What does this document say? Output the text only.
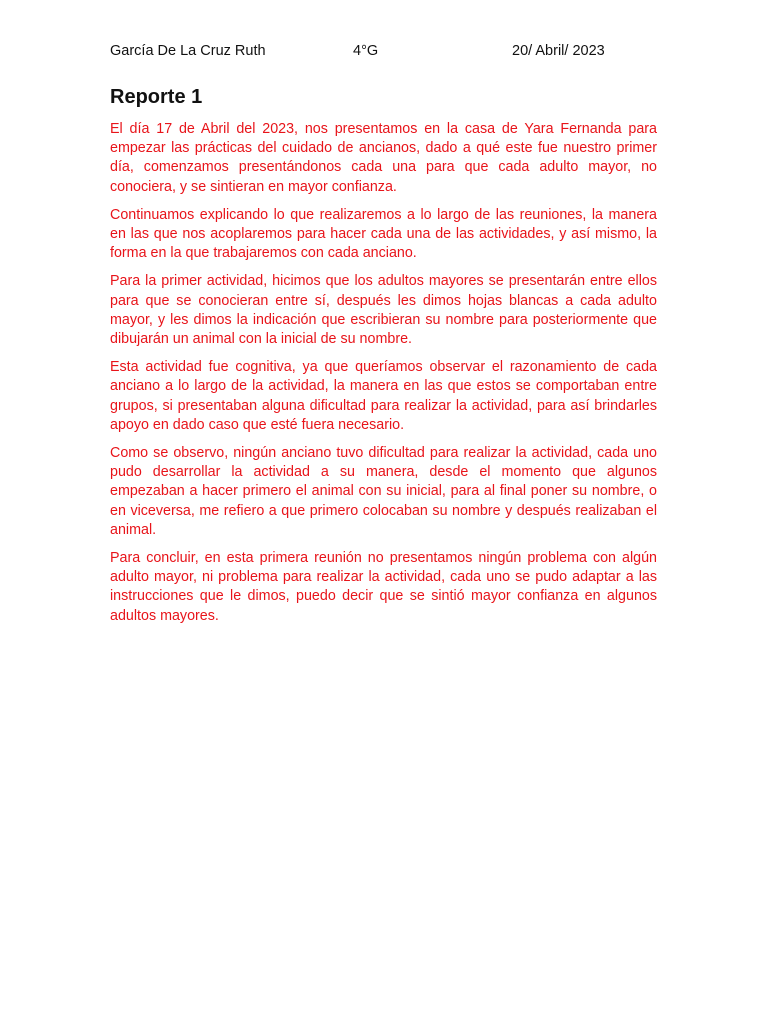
García De La Cruz Ruth	4°G	20/ Abril/ 2023
Reporte 1

El día 17 de Abril del 2023, nos presentamos en la casa de Yara Fernanda para empezar las prácticas del cuidado de ancianos, dado a qué este fue nuestro primer día, comenzamos presentándonos cada una para que cada adulto mayor, no conociera, y se sintieran en mayor confianza.

Continuamos explicando lo que realizaremos a lo largo de las reuniones, la manera en las que nos acoplaremos para hacer cada una de las actividades, y así mismo, la forma en la que trabajaremos con cada anciano.

Para la primer actividad, hicimos que los adultos mayores se presentarán entre ellos para que se conocieran entre sí, después les dimos hojas blancas a cada adulto mayor, y les dimos la indicación que escribieran su nombre para posteriormente que dibujarán un animal con la inicial de su nombre.

Esta actividad fue cognitiva, ya que queríamos observar el razonamiento de cada anciano a lo largo de la actividad, la manera en las que estos se comportaban entre grupos, si presentaban alguna dificultad para realizar la actividad, para así brindarles apoyo en dado caso que esté fuera necesario.

Como se observo, ningún anciano tuvo dificultad para realizar la actividad, cada uno pudo desarrollar la actividad a su manera, desde el momento que algunos empezaban a hacer primero el animal con su inicial, para al final poner su nombre, o en viceversa, me refiero a que primero colocaban su nombre y después realizaban el animal.

Para concluir, en esta primera reunión no presentamos ningún problema con algún adulto mayor, ni problema para realizar la actividad, cada uno se pudo adaptar a las instrucciones que le dimos, puedo decir que se sintió mayor confianza en algunos adultos mayores.
